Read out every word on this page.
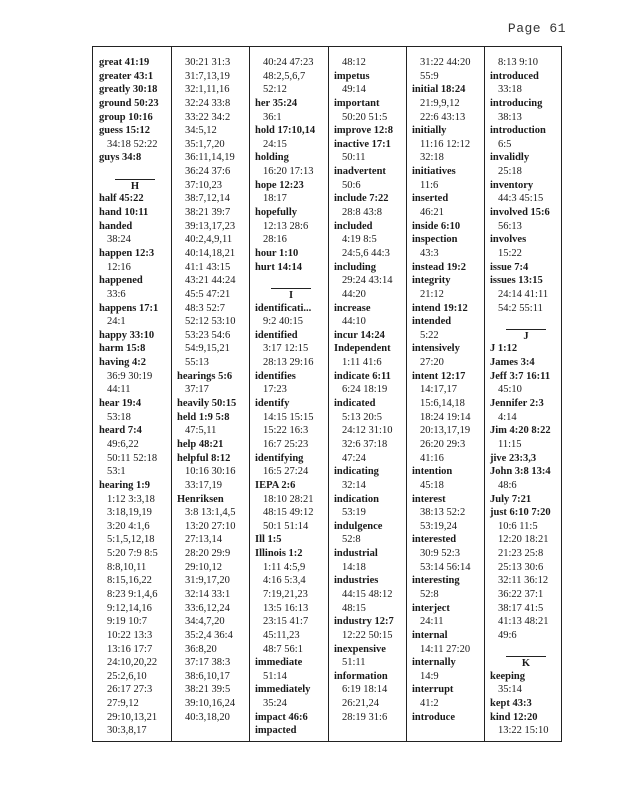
Page 61
great 41:19
greater 43:1
greatly 30:18
ground 50:23
group 10:16
guess 15:12
34:18 52:22
guys 34:8
H
half 45:22
hand 10:11
handed
38:24
happen 12:3
12:16
happened
33:6
happens 17:1
24:1
happy 33:10
harm 15:8
having 4:2
36:9 30:19
44:11
hear 19:4
53:18
heard 7:4
49:6,22
50:11 52:18
53:1
hearing 1:9
1:12 3:3,18
3:18,19,19
3:20 4:1,6
5:1,5,12,18
5:20 7:9 8:5
8:8,10,11
8:15,16,22
8:23 9:1,4,6
9:12,14,16
9:19 10:7
10:22 13:3
13:16 17:7
24:10,20,22
25:2,6,10
26:17 27:3
27:9,12
29:10,13,21
30:3,8,17
30:21 31:3
31:7,13,19
32:1,11,16
32:24 33:8
33:22 34:2
34:5,12
35:1,7,20
36:11,14,19
36:24 37:6
37:10,23
38:7,12,14
38:21 39:7
39:13,17,23
40:2,4,9,11
40:14,18,21
41:1 43:15
43:21 44:24
45:5 47:21
48:3 52:7
52:12 53:10
53:23 54:6
54:9,15,21
55:13
hearings 5:6
37:17
heavily 50:15
held 1:9 5:8
47:5,11
help 48:21
helpful 8:12
10:16 30:16
33:17,19
Henriksen
3:8 13:1,4,5
13:20 27:10
27:13,14
28:20 29:9
29:10,12
31:9,17,20
32:14 33:1
33:6,12,24
34:4,7,20
35:2,4 36:4
36:8,20
37:17 38:3
38:6,10,17
38:21 39:5
39:10,16,24
40:3,18,20
40:24 47:23
48:2,5,6,7
52:12
her 35:24
36:1
hold 17:10,14
24:15
holding
16:20 17:13
hope 12:23
18:17
hopefully
12:13 28:6
28:16
hour 1:10
hurt 14:14
I
identificati...
9:2 40:15
identified
3:17 12:15
28:13 29:16
identifies
17:23
identify
14:15 15:15
15:22 16:3
16:7 25:23
identifying
16:5 27:24
IEPA 2:6
18:10 28:21
48:15 49:12
50:1 51:14
Ill 1:5
Illinois 1:2
1:11 4:5,9
4:16 5:3,4
7:19,21,23
13:5 16:13
23:15 41:7
45:11,23
48:7 56:1
immediate
51:14
immediately
35:24
impact 46:6
impacted
48:12
impetus
49:14
important
50:20 51:5
improve 12:8
inactive 17:1
50:11
inadvertent
50:6
include 7:22
28:8 43:8
included
4:19 8:5
24:5,6 44:3
including
29:24 43:14
44:20
increase
44:10
incur 14:24
Independent
1:11 41:6
indicate 6:11
6:24 18:19
indicated
5:13 20:5
24:12 31:10
32:6 37:18
47:24
indicating
32:14
indication
53:19
indulgence
52:8
industrial
14:18
industries
44:15 48:12
48:15
industry 12:7
12:22 50:15
inexpensive
51:11
information
6:19 18:14
26:21,24
28:19 31:6
31:22 44:20
55:9
initial 18:24
21:9,9,12
22:6 43:13
initially
11:16 12:12
32:18
initiatives
11:6
inserted
46:21
inside 6:10
inspection
43:3
instead 19:2
integrity
21:12
intend 19:12
intended
5:22
intensively
27:20
intent 12:17
14:17,17
15:6,14,18
18:24 19:14
20:13,17,19
26:20 29:3
41:16
intention
45:18
interest
38:13 52:2
53:19,24
interested
30:9 52:3
53:14 56:14
interesting
52:8
interject
24:11
internal
14:11 27:20
internally
14:9
interrupt
41:2
introduce
8:13 9:10
introduced
33:18
introducing
38:13
introduction
6:5
invalidly
25:18
inventory
44:3 45:15
involved 15:6
56:13
involves
15:22
issue 7:4
issues 13:15
24:14 41:11
54:2 55:11
J
J 1:12
James 3:4
Jeff 3:7 16:11
45:10
Jennifer 2:3
4:14
Jim 4:20 8:22
11:15
jive 23:3,3
John 3:8 13:4
48:6
July 7:21
just 6:10 7:20
10:6 11:5
12:20 18:21
21:23 25:8
25:13 30:6
32:11 36:12
36:22 37:1
38:17 41:5
41:13 48:21
49:6
K
keeping
35:14
kept 43:3
kind 12:20
13:22 15:10
